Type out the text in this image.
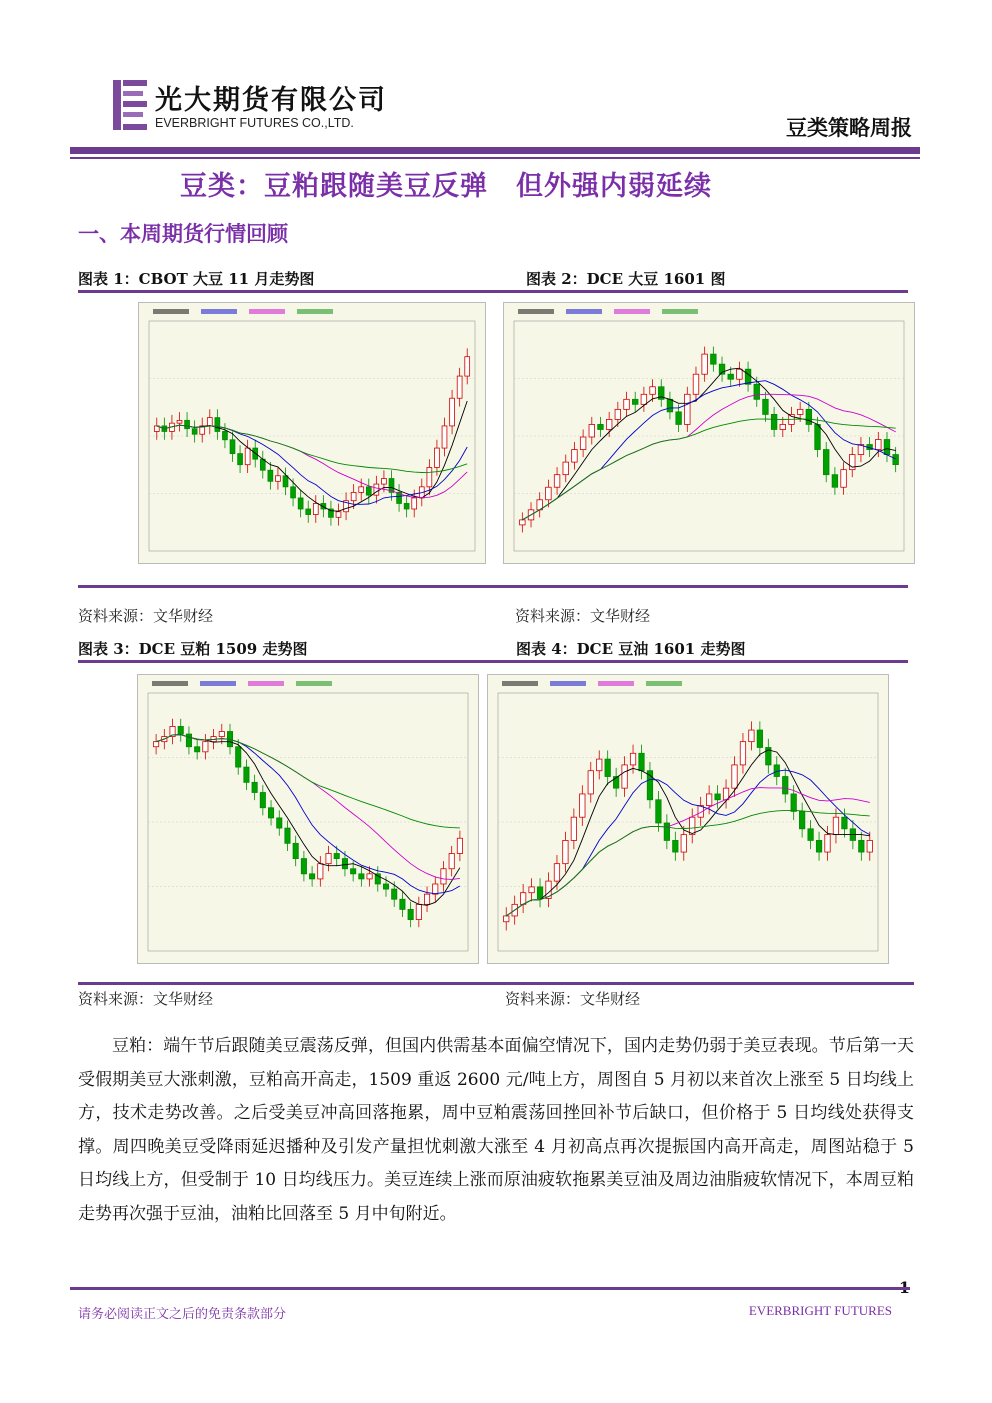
光大期货有限公司
EVERBRIGHT FUTURES CO.,LTD.	豆类策略周报
豆类：豆粕跟随美豆反弹　但外强内弱延续
一、本周期货行情回顾
图表 1：CBOT 大豆 11 月走势图	图表 2：DCE 大豆 1601 图
资料来源：文华财经	资料来源：文华财经
图表 3：DCE 豆粕 1509 走势图	图表 4：DCE 豆油 1601 走势图
资料来源：文华财经	资料来源：文华财经
豆粕：端午节后跟随美豆震荡反弹，但国内供需基本面偏空情况下，国内走势仍弱于美豆表现。节后第一天受假期美豆大涨刺激，豆粕高开高走，1509 重返 2600 元/吨上方，周图自 5 月初以来首次上涨至 5 日均线上方，技术走势改善。之后受美豆冲高回落拖累，周中豆粕震荡回挫回补节后缺口，但价格于 5 日均线处获得支撑。周四晚美豆受降雨延迟播种及引发产量担忧刺激大涨至 4 月初高点再次提振国内高开高走，周图站稳于 5 日均线上方，但受制于 10 日均线压力。美豆连续上涨而原油疲软拖累美豆油及周边油脂疲软情况下，本周豆粕走势再次强于豆油，油粕比回落至 5 月中旬附近。
请务必阅读正文之后的免责条款部分	EVERBRIGHT FUTURES
